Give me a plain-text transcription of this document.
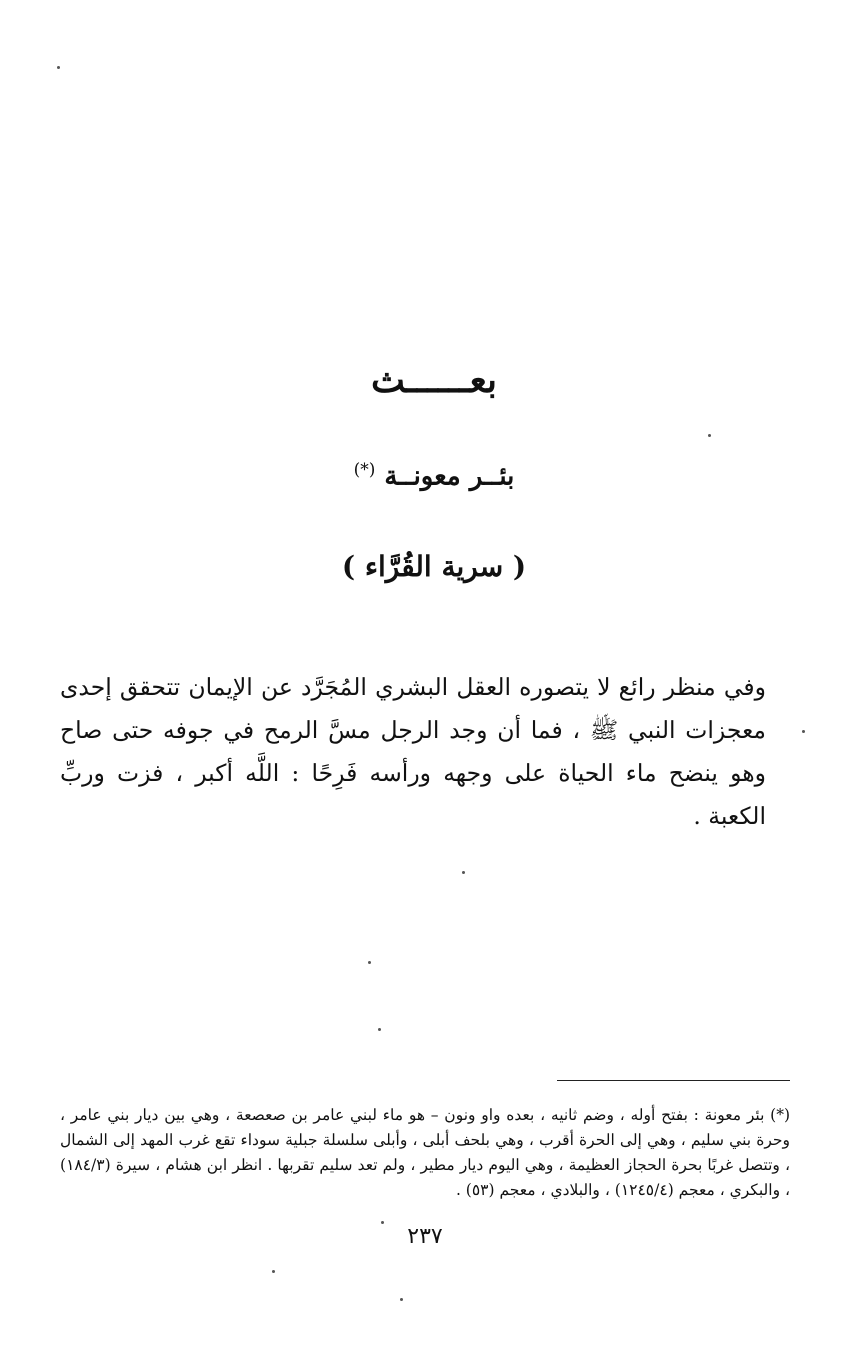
بعــــــث
بئــر معونــة (*)
( سرية القُرَّاء )

وفي منظر رائع لا يتصوره العقل البشري المُجَرَّد عن الإيمان تتحقق إحدى معجزات النبي ﷺ ، فما أن وجد الرجل مسَّ الرمح في جوفه حتى صاح وهو ينضح ماء الحياة على وجهه ورأسه فَرِحًا : اللَّه أكبر ، فزت وربِّ الكعبة .

(*) بئر معونة : بفتح أوله ، وضم ثانيه ، بعده واو ونون – هو ماء لبني عامر بن صعصعة ، وهي بين ديار بني عامر ، وحرة بني سليم ، وهي إلى الحرة أقرب ، وهي بلحف أبلى ، وأبلى سلسلة جبلية سوداء تقع غرب المهد إلى الشمال ، وتتصل غربًا بحرة الحجاز العظيمة ، وهي اليوم ديار مطير ، ولم تعد سليم تقربها . انظر ابن هشام ، سيرة (١٨٤/٣) ، والبكري ، معجم (١٢٤٥/٤) ، والبلادي ، معجم (٥٣) .

٢٣٧
